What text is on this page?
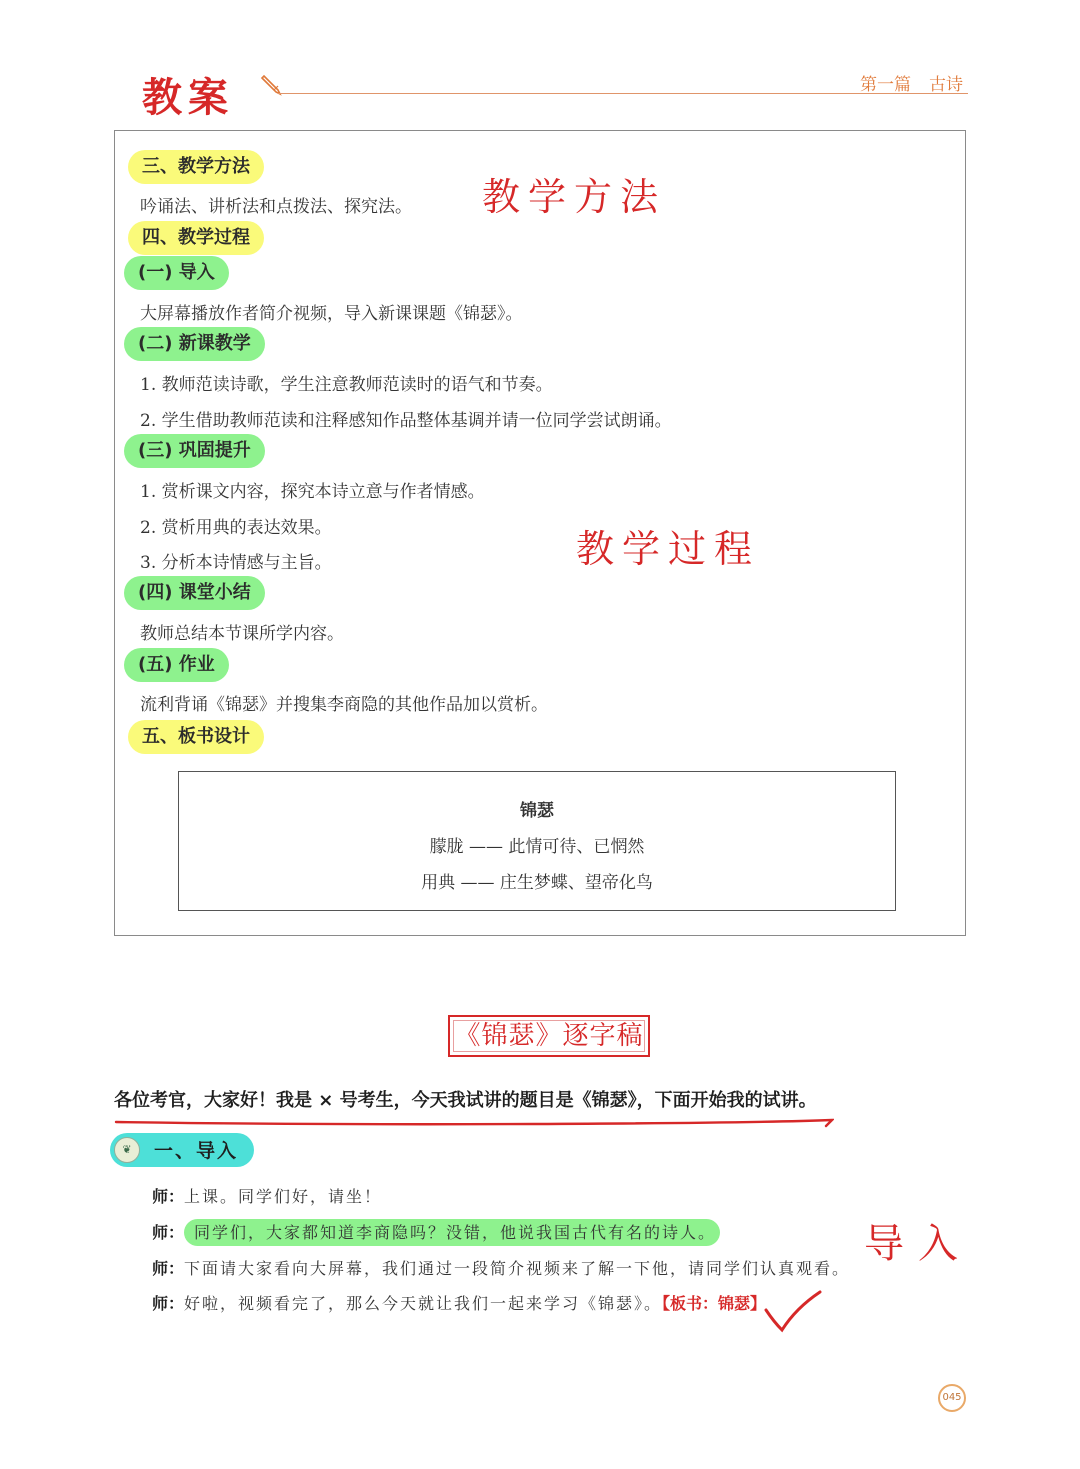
教案	第一篇 古诗
三、教学方法
吟诵法、讲析法和点拨法、探究法。
四、教学过程
(一) 导入
大屏幕播放作者简介视频，导入新课课题《锦瑟》。
(二) 新课教学
1. 教师范读诗歌，学生注意教师范读时的语气和节奏。
2. 学生借助教师范读和注释感知作品整体基调并请一位同学尝试朗诵。
(三) 巩固提升
1. 赏析课文内容，探究本诗立意与作者情感。
2. 赏析用典的表达效果。
3. 分析本诗情感与主旨。
(四) 课堂小结
教师总结本节课所学内容。
(五) 作业
流利背诵《锦瑟》并搜集李商隐的其他作品加以赏析。
五、板书设计
教学方法
教学过程
锦瑟
朦胧 —— 此情可待、已惘然
用典 —— 庄生梦蝶、望帝化鸟
《锦瑟》逐字稿
各位考官，大家好！我是 × 号考生，今天我试讲的题目是《锦瑟》，下面开始我的试讲。
❦	一、导入
师：上课。同学们好，请坐！
师： 同学们，大家都知道李商隐吗？没错，他说我国古代有名的诗人。
师：下面请大家看向大屏幕，我们通过一段简介视频来了解一下他，请同学们认真观看。
师：好啦，视频看完了，那么今天就让我们一起来学习《锦瑟》。【板书：锦瑟】
导入
045
